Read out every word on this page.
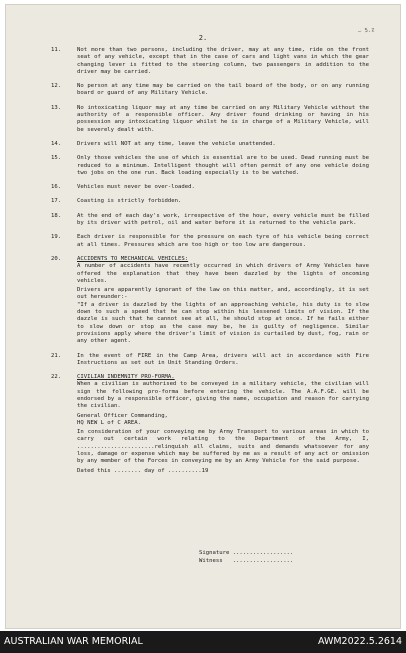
2.
— 5.z
11.	Not more than two persons, including the driver, may at any time, ride on the front seat of any vehicle, except that in the case of cars and light vans in which the gear changing lever is fitted to the steering column, two passengers in addition to the driver may be carried.
12.	No person at any time may be carried on the tail board of the body, or on any running board or guard of any Military Vehicle.
13.	No intoxicating liquor may at any time be carried on any Military Vehicle without the authority of a responsible officer. Any driver found drinking or having in his possession any intoxicating liquor whilst he is in charge of a Military Vehicle, will be severely dealt with.
14.	Drivers will NOT at any time, leave the vehicle unattended.
15.	Only those vehicles the use of which is essential are to be used. Dead running must be reduced to a minimum. Intelligent thought will often permit of any one vehicle doing two jobs on the one run. Back loading especially is to be watched.
16.	Vehicles must never be over-loaded.
17.	Coasting is strictly forbidden.
18.	At the end of each day's work, irrespective of the hour, every vehicle must be filled by its driver with petrol, oil and water before it is returned to the vehicle park.
19.	Each driver is responsible for the pressure on each tyre of his vehicle being correct at all times. Pressures which are too high or too low are dangerous.
20.	ACCIDENTS TO MECHANICAL VEHICLES:
A number of accidents have recently occurred in which drivers of Army Vehicles have offered the explanation that they have been dazzled by the lights of oncoming vehicles.
Drivers are apparently ignorant of the law on this matter, and, accordingly, it is set out hereunder:-
"If a driver is dazzled by the lights of an approaching vehicle, his duty is to slow down to such a speed that he can stop within his lessened limits of vision. If the dazzle is such that he cannot see at all, he should stop at once. If he fails either to slow down or stop as the case may be, he is guilty of negligence. Similar provisions apply where the driver's limit of vision is curtailed by dust, fog, rain or any other agent.
21.	In the event of FIRE in the Camp Area, drivers will act in accordance with Fire Instructions as set out in Unit Standing Orders.
22.	CIVILIAN INDEMNITY PRO-FORMA.
When a civilian is authorised to be conveyed in a military vehicle, the civilian will sign the following pro-forma before entering the vehicle. The A.A.F.GE. will be endorsed by a responsible officer, giving the name, occupation and reason for carrying the civilian.
General Officer Commanding,
HQ NEW L of C AREA.
In consideration of your conveying me by Army Transport to various areas in which to carry out certain work relating to the Department of the Army, I, .......................relinquish all claims, suits and demands whatsoever for any loss, damage or expense which may be suffered by me as a result of any act or omission by any member of the Forces in conveying me by an Army Vehicle for the said purpose.
Dated this ........ day of ..........19
Signature ..................
Witness   ..................
AUSTRALIAN WAR MEMORIAL	AWM2022.5.2614
